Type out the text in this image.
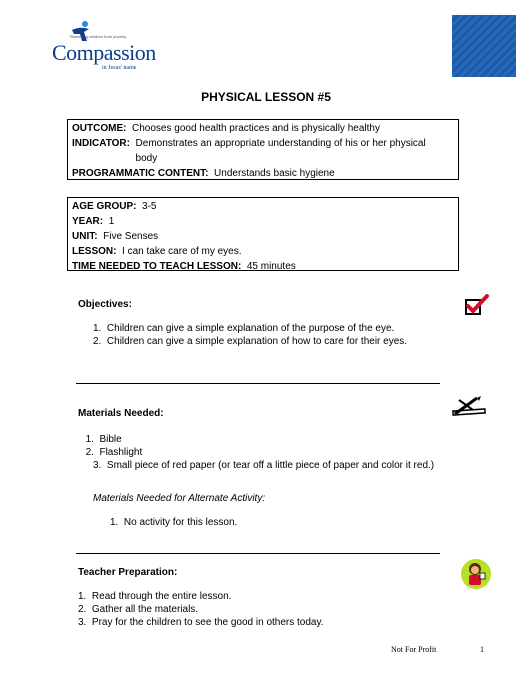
Releasing children from poverty
Compassion
in Jesus' name
PHYSICAL LESSON #5
OUTCOME: Chooses good health practices and is physically healthy
INDICATOR:
Demonstrates an appropriate understanding of his or her physical body
PROGRAMMATIC CONTENT: Understands basic hygiene
AGE GROUP: 3-5
YEAR: 1
UNIT: Five Senses
LESSON: I can take care of my eyes.
TIME NEEDED TO TEACH LESSON: 45 minutes
Objectives:
1. Children can give a simple explanation of the purpose of the eye.
2. Children can give a simple explanation of how to care for their eyes.
Materials Needed:
1. Bible
2. Flashlight
3. Small piece of red paper (or tear off a little piece of paper and color it red.)
Materials Needed for Alternate Activity:
1. No activity for this lesson.
Teacher Preparation:
1. Read through the entire lesson.
2. Gather all the materials.
3. Pray for the children to see the good in others today.
Not For Profit	1
